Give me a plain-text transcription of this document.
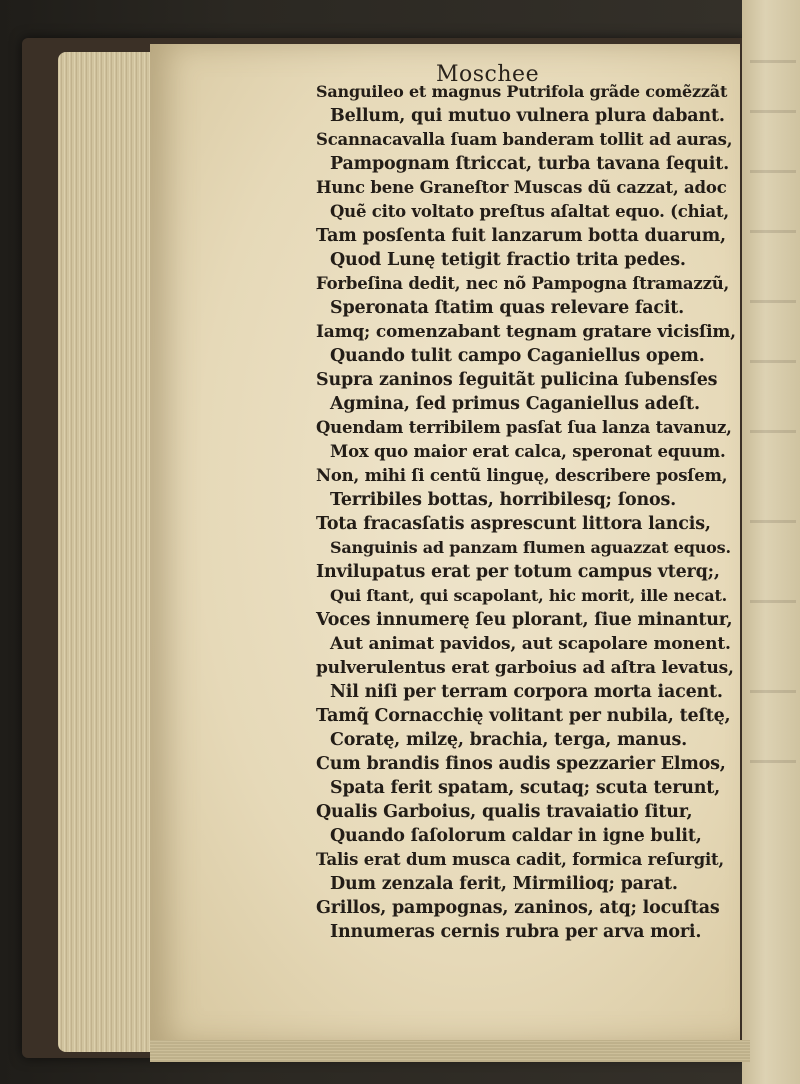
Moschee
Sanguileo et magnus Putrifola grãde comẽzzãt
Bellum, qui mutuo vulnera plura dabant.
Scannacavalla ſuam banderam tollit ad auras,
Pampognam ſtriccat, turba tavana ſequit.
Hunc bene Graneſtor Muscas dũ cazzat, adoc
Quẽ cito voltato preſtus aſaltat equo. (chiat,
Tam posſenta fuit lanzarum botta duarum,
Quod Lunę tetigit fractio trita pedes.
Forbeſina dedit, nec nõ Pampogna ſtramazzũ,
Speronata ſtatim quas relevare facit.
Iamq; comenzabant tegnam gratare vicisſim,
Quando tulit campo Caganiellus opem.
Supra zaninos ſeguitãt pulicina ſubensſes
Agmina, ſed primus Caganiellus adeſt.
Quendam terribilem pasſat ſua lanza tavanuz,
Mox quo maior erat calca, speronat equum.
Non, mihi ſi centũ linguę, describere posſem,
Terribiles bottas, horribilesq; ſonos.
Tota fracasſatis asprescunt littora lancis,
Sanguinis ad panzam flumen aguazzat equos.
Invilupatus erat per totum campus vterq;,
Qui ſtant, qui scapolant, hic morit, ille necat.
Voces innumerę ſeu plorant, ſiue minantur,
Aut animat pavidos, aut scapolare monent.
pulverulentus erat garboius ad aſtra levatus,
Nil niſi per terram corpora morta iacent.
Tamq̃ Cornacchię volitant per nubila, teſtę,
Coratę, milzę, brachia, terga, manus.
Cum brandis finos audis spezzarier Elmos,
Spata ferit spatam, scutaq; scuta terunt,
Qualis Garboius, qualis travaiatio ſitur,
Quando ſaſolorum caldar in igne bulit,
Talis erat dum musca cadit, formica reſurgit,
Dum zenzala ferit, Mirmilioq; parat.
Grillos, pampognas, zaninos, atq; locuſtas
Innumeras cernis rubra per arva mori.
